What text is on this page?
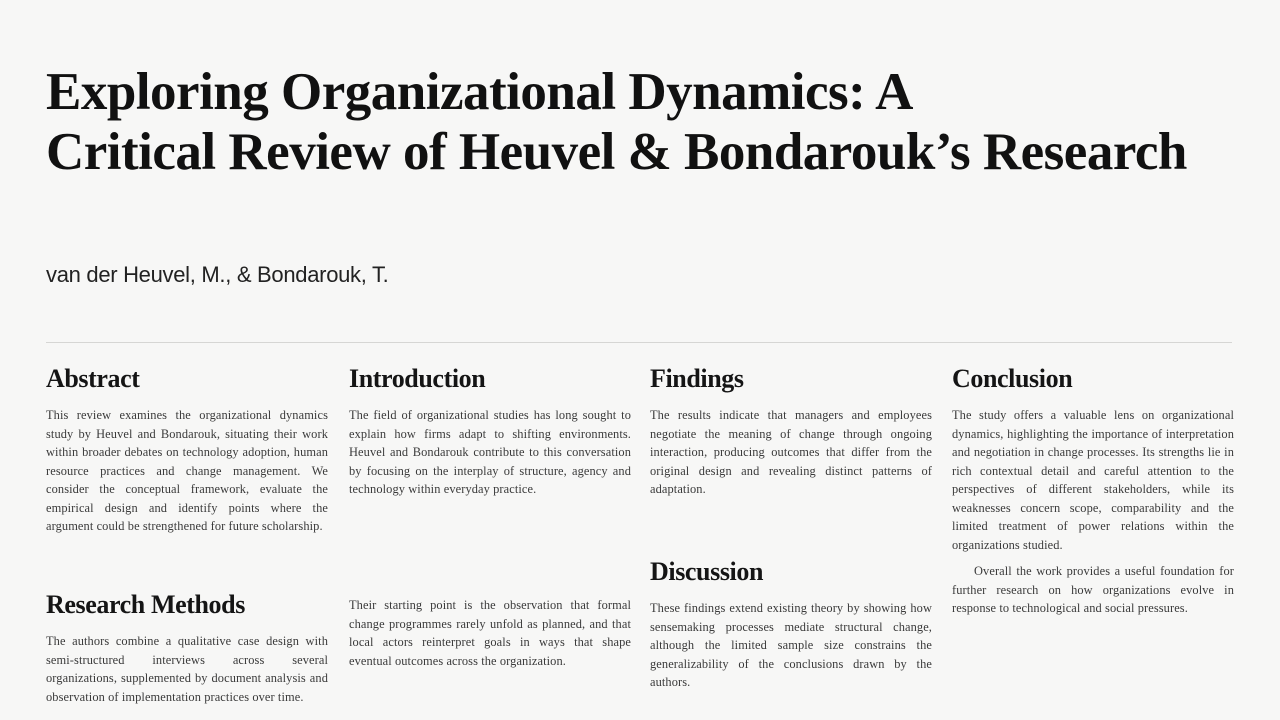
Exploring Organizational Dynamics: A
Critical Review of Heuvel & Bondarouk’s Research
van der Heuvel, M., & Bondarouk, T.
Abstract

This review examines the organizational dynamics study by Heuvel and Bondarouk, situating their work within broader debates on technology adoption, human resource practices and change management. We consider the conceptual framework, evaluate the empirical design and identify points where the argument could be strengthened for future scholarship.

Research Methods

The authors combine a qualitative case design with semi-structured interviews across several organizations, supplemented by document analysis and observation of implementation practices over time.

Introduction

The field of organizational studies has long sought to explain how firms adapt to shifting environments. Heuvel and Bondarouk contribute to this conversation by focusing on the interplay of structure, agency and technology within everyday practice.

Their starting point is the observation that formal change programmes rarely unfold as planned, and that local actors reinterpret goals in ways that shape eventual outcomes across the organization.

Findings

The results indicate that managers and employees negotiate the meaning of change through ongoing interaction, producing outcomes that differ from the original design and revealing distinct patterns of adaptation.

Discussion

These findings extend existing theory by showing how sensemaking processes mediate structural change, although the limited sample size constrains the generalizability of the conclusions drawn by the authors.

Conclusion

The study offers a valuable lens on organizational dynamics, highlighting the importance of interpretation and negotiation in change processes. Its strengths lie in rich contextual detail and careful attention to the perspectives of different stakeholders, while its weaknesses concern scope, comparability and the limited treatment of power relations within the organizations studied.

Overall the work provides a useful foundation for further research on how organizations evolve in response to technological and social pressures.
